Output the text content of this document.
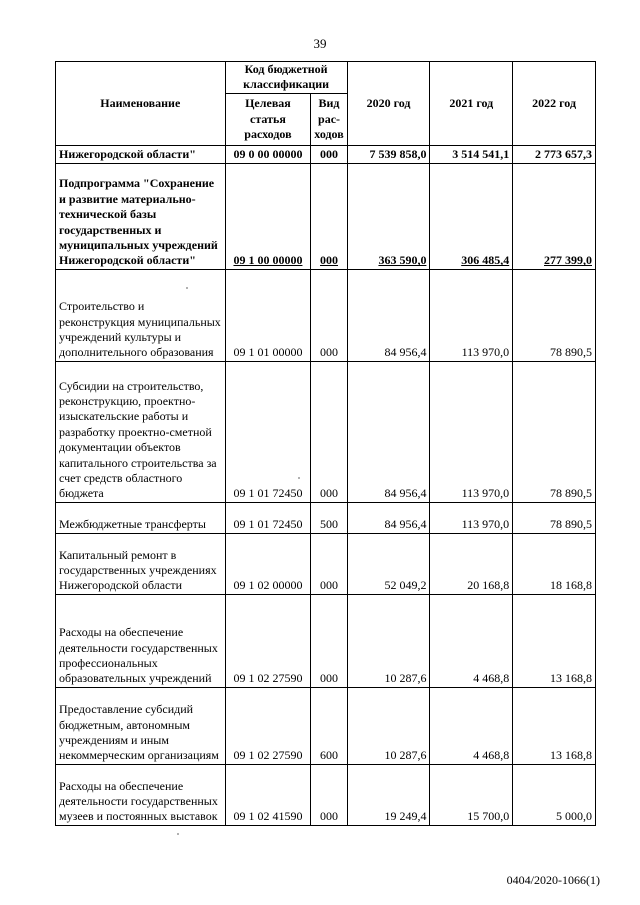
39
Наименование	Код бюджетной классификации		2020 год	2021 год	2022 год
	Целевая статья расходов	Вид рас- ходов			
Нижегородской области"	09 0 00 00000	000	7 539 858,0	3 514 541,1	2 773 657,3
Подпрограмма "Сохранение и развитие материально-технической базы государственных и муниципальных учреждений Нижегородской области"	09 1 00 00000	000	363 590,0	306 485,4	277 399,0
Строительство и реконструкция муниципальных учреждений культуры и дополнительного образования	09 1 01 00000	000	84 956,4	113 970,0	78 890,5
Субсидии на строительство, реконструкцию, проектно-изыскательские работы и разработку проектно-сметной документации объектов капитального строительства за счет средств областного бюджета	09 1 01 72450	000	84 956,4	113 970,0	78 890,5
Межбюджетные трансферты	09 1 01 72450	500	84 956,4	113 970,0	78 890,5
Капитальный ремонт в государственных учреждениях Нижегородской области	09 1 02 00000	000	52 049,2	20 168,8	18 168,8
Расходы на обеспечение деятельности государственных профессиональных образовательных учреждений	09 1 02 27590	000	10 287,6	4 468,8	13 168,8
Предоставление субсидий бюджетным, автономным учреждениям и иным некоммерческим организациям	09 1 02 27590	600	10 287,6	4 468,8	13 168,8
Расходы на обеспечение деятельности государственных музеев и постоянных выставок	09 1 02 41590	000	19 249,4	15 700,0	5 000,0
0404/2020-1066(1)
